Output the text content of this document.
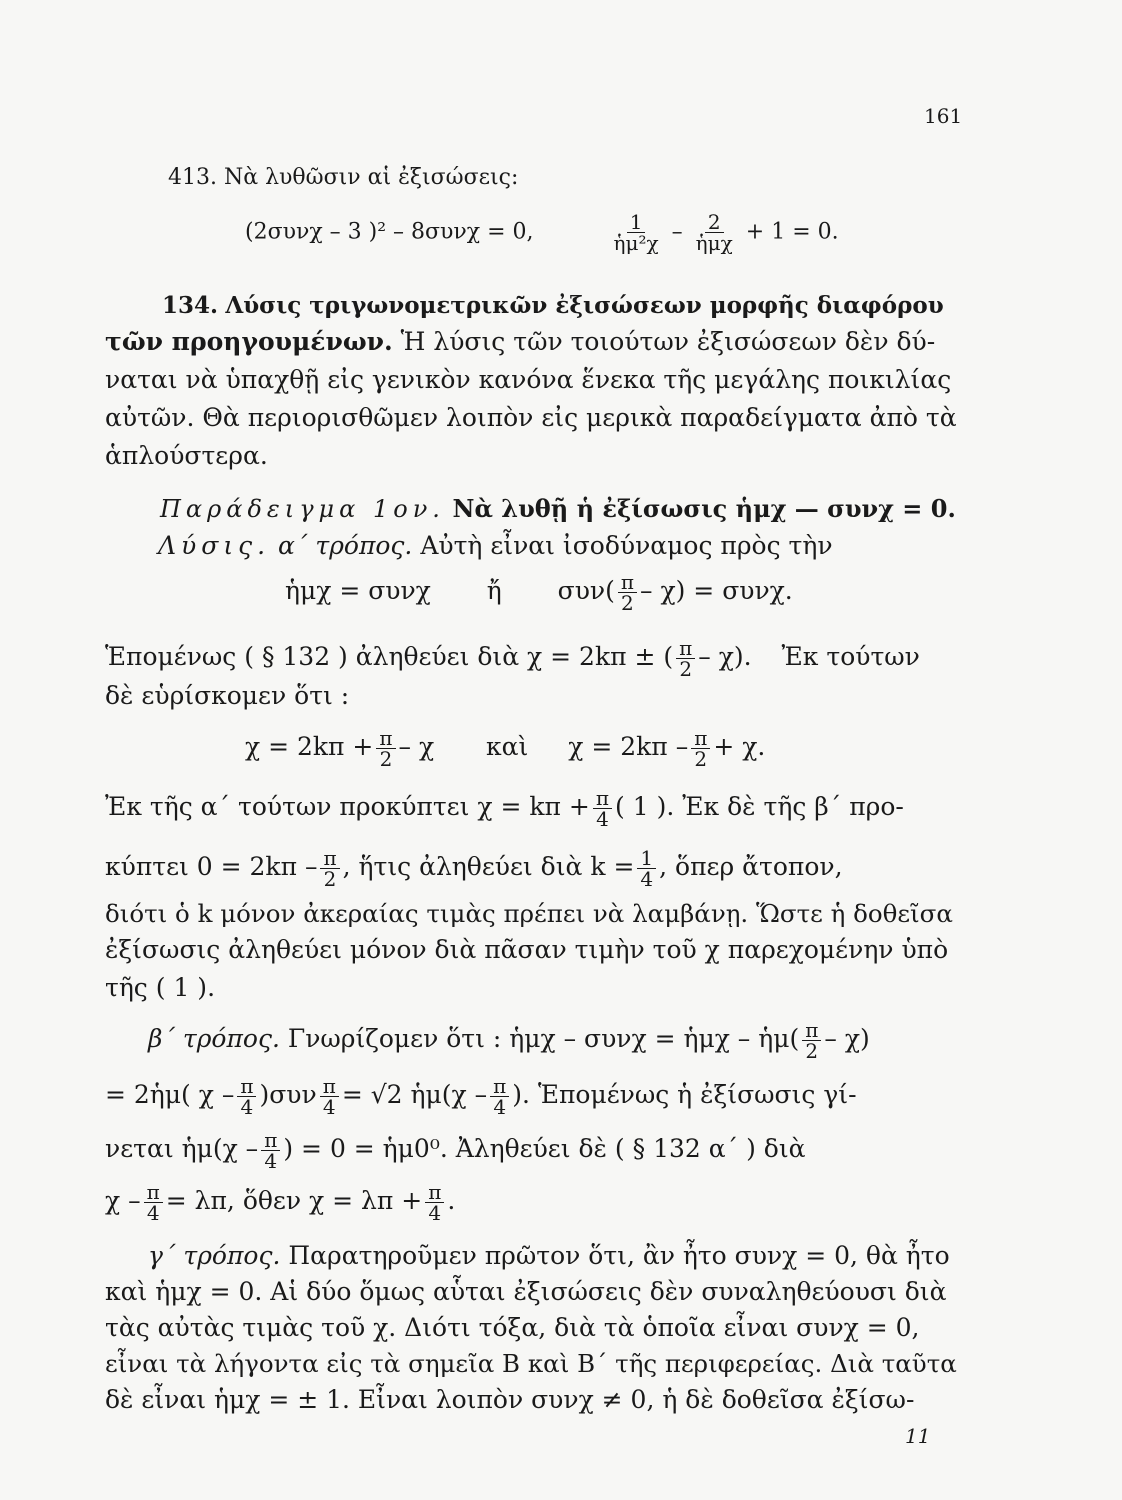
161
413. Νὰ λυθῶσιν αἱ ἐξισώσεις:
(2συνχ – 3 )² – 8συνχ = 0,	$\frac{1}{\text{ἡμ²χ}} - \frac{2}{\text{ἡμχ}} + 1 = 0$.
134. Λύσις τριγωνομετρικῶν ἐξισώσεων μορφῆς διαφόρου
τῶν προηγουμένων. Ἡ λύσις τῶν τοιούτων ἐξισώσεων δὲν δύ-
ναται νὰ ὑπαχθῇ εἰς γενικὸν κανόνα ἕνεκα τῆς μεγάλης ποικιλίας
αὐτῶν. Θὰ περιορισθῶμεν λοιπὸν εἰς μερικὰ παραδείγματα ἀπὸ τὰ
ἁπλούστερα.
Παράδειγμα 1ον. Νὰ λυθῇ ἡ ἐξίσωσις ἡμχ — συνχ = 0.
Λύσις. α΄ τρόπος. Αὐτὴ εἶναι ἰσοδύναμος πρὸς τὴν
ἡμχ = συνχ ἤ $\sigma\upsilon\nu( \frac{\pi}{2} - \chi) = \sigma\upsilon\nu\chi$.
Ἑπομένως ( § 132 ) ἀληθεύει διὰ χ = 2kπ ± ( $\frac{\pi}{2} - \chi$). Ἐκ τούτων
δὲ εὑρίσκομεν ὅτι :
$\chi = 2k\pi + \frac{\pi}{2} - \chi$ καὶ $\chi = 2k\pi - \frac{\pi}{2} + \chi$.
Ἐκ τῆς α΄ τούτων προκύπτει $\chi = k\pi + \frac{\pi}{4}$ ( 1 ). Ἐκ δὲ τῆς β΄ προ-
κύπτει $0 = 2k\pi - \frac{\pi}{2}$ , ἥτις ἀληθεύει διὰ $k = \frac{1}{4}$ , ὅπερ ἄτοπον,
διότι ὁ k μόνον ἀκεραίας τιμὰς πρέπει νὰ λαμβάνῃ. Ὥστε ἡ δοθεῖσα
ἐξίσωσις ἀληθεύει μόνον διὰ πᾶσαν τιμὴν τοῦ χ παρεχομένην ὑπὸ
τῆς ( 1 ).
β΄ τρόπος. Γνωρίζομεν ὅτι : ἡμχ – συνχ = ἡμχ – ἡμ( $\frac{\pi}{2} - \chi$)
= 2ἡμ( $\chi - \frac{\pi}{4} )\sigma\upsilon\nu \frac{\pi}{4} = √2$ ἡμ(χ – $\frac{\pi}{4}$ ). Ἑπομένως ἡ ἐξίσωσις γί-
νεται ἡμ(χ – $\frac{\pi}{4}$ ) = 0 = ἡμ0⁰. Ἀληθεύει δὲ ( § 132 α΄ ) διὰ
$\chi - \frac{\pi}{4} = \lambda\pi$, ὅθεν $\chi = \lambda\pi + \frac{\pi}{4}$ .
γ΄ τρόπος. Παρατηροῦμεν πρῶτον ὅτι, ἂν ἦτο συνχ = 0, θὰ ἦτο
καὶ ἡμχ = 0. Αἱ δύο ὅμως αὗται ἐξισώσεις δὲν συναληθεύουσι διὰ
τὰς αὐτὰς τιμὰς τοῦ χ. Διότι τόξα, διὰ τὰ ὁποῖα εἶναι συνχ = 0,
εἶναι τὰ λήγοντα εἰς τὰ σημεῖα Β καὶ Β΄ τῆς περιφερείας. Διὰ ταῦτα
δὲ εἶναι ἡμχ = ± 1. Εἶναι λοιπὸν συνχ ≠ 0, ἡ δὲ δοθεῖσα ἐξίσω-
11
